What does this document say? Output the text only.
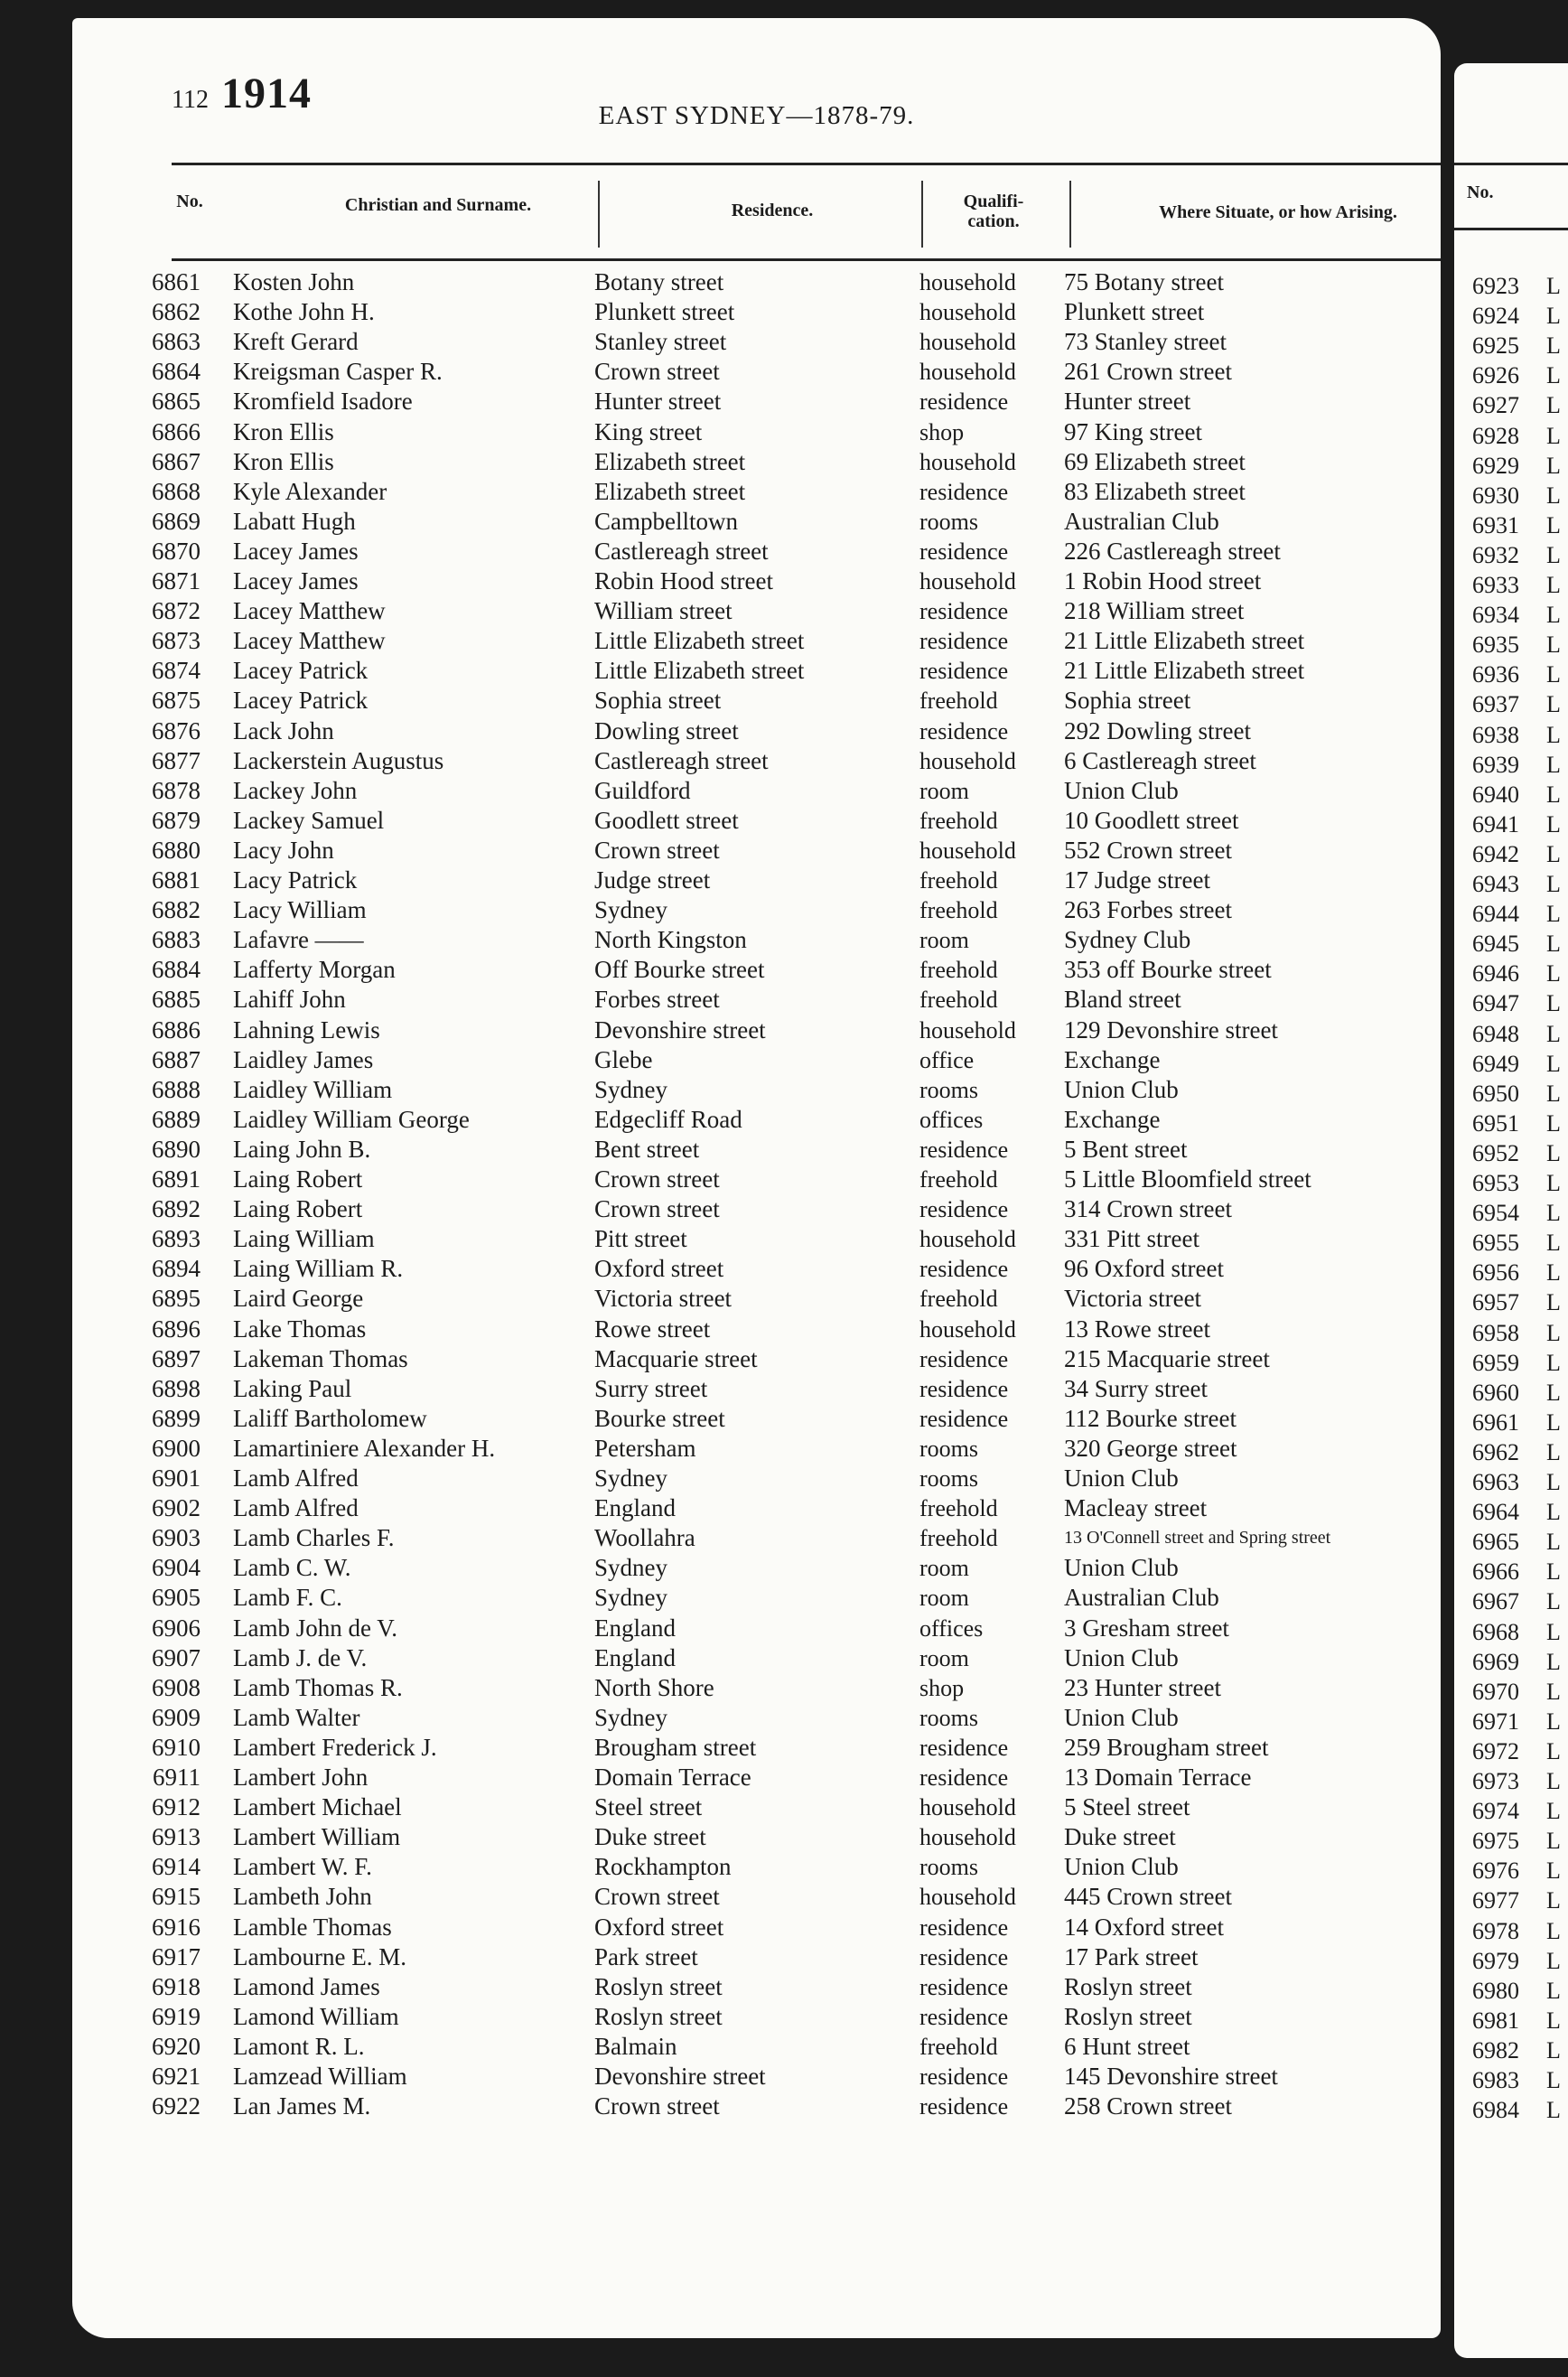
112 1914	EAST SYDNEY—1878-79.
No.	Christian and Surname.	Residence.	Qualifi-
cation.	Where Situate, or how Arising.
6861 Kosten John	Botany street	household 75 Botany street
6862 Kothe John H.	Plunkett street	household Plunkett street
6863 Kreft Gerard	Stanley street	household 73 Stanley street
6864 Kreigsman Casper R.	Crown street	household 261 Crown street
6865 Kromfield Isadore	Hunter street	residence Hunter street
6866 Kron Ellis	King street	shop	97 King street
6867 Kron Ellis	Elizabeth street	household 69 Elizabeth street
6868 Kyle Alexander	Elizabeth street	residence 83 Elizabeth street
6869 Labatt Hugh	Campbelltown	rooms	Australian Club
6870 Lacey James	Castlereagh street	residence 226 Castlereagh street
6871 Lacey James	Robin Hood street	household 1 Robin Hood street
6872 Lacey Matthew	William street	residence 218 William street
6873 Lacey Matthew	Little Elizabeth street	residence 21 Little Elizabeth street
6874 Lacey Patrick	Little Elizabeth street	residence 21 Little Elizabeth street
6875 Lacey Patrick	Sophia street	freehold	Sophia street
6876 Lack John	Dowling street	residence 292 Dowling street
6877 Lackerstein Augustus	Castlereagh street	household 6 Castlereagh street
6878 Lackey John	Guildford	room	Union Club
6879 Lackey Samuel	Goodlett street	freehold	10 Goodlett street
6880 Lacy John	Crown street	household 552 Crown street
6881 Lacy Patrick	Judge street	freehold	17 Judge street
6882 Lacy William	Sydney	freehold	263 Forbes street
6883 Lafavre ——	North Kingston	room	Sydney Club
6884 Lafferty Morgan	Off Bourke street	freehold	353 off Bourke street
6885 Lahiff John	Forbes street	freehold	Bland street
6886 Lahning Lewis	Devonshire street	household 129 Devonshire street
6887 Laidley James	Glebe	office	Exchange
6888 Laidley William	Sydney	rooms	Union Club
6889 Laidley William George	Edgecliff Road	offices	Exchange
6890 Laing John B.	Bent street	residence 5 Bent street
6891 Laing Robert	Crown street	freehold	5 Little Bloomfield street
6892 Laing Robert	Crown street	residence 314 Crown street
6893 Laing William	Pitt street	household 331 Pitt street
6894 Laing William R.	Oxford street	residence 96 Oxford street
6895 Laird George	Victoria street	freehold	Victoria street
6896 Lake Thomas	Rowe street	household 13 Rowe street
6897 Lakeman Thomas	Macquarie street	residence 215 Macquarie street
6898 Laking Paul	Surry street	residence 34 Surry street
6899 Laliff Bartholomew	Bourke street	residence 112 Bourke street
6900 Lamartiniere Alexander H.	Petersham	rooms	320 George street
6901 Lamb Alfred	Sydney	rooms	Union Club
6902 Lamb Alfred	England	freehold	Macleay street
6903 Lamb Charles F.	Woollahra	freehold	13 O'Connell street and Spring street
6904 Lamb C. W.	Sydney	room	Union Club
6905 Lamb F. C.	Sydney	room	Australian Club
6906 Lamb John de V.	England	offices	3 Gresham street
6907 Lamb J. de V.	England	room	Union Club
6908 Lamb Thomas R.	North Shore	shop	23 Hunter street
6909 Lamb Walter	Sydney	rooms	Union Club
6910 Lambert Frederick J.	Brougham street	residence 259 Brougham street
6911 Lambert John	Domain Terrace	residence 13 Domain Terrace
6912 Lambert Michael	Steel street	household 5 Steel street
6913 Lambert William	Duke street	household Duke street
6914 Lambert W. F.	Rockhampton	rooms	Union Club
6915 Lambeth John	Crown street	household 445 Crown street
6916 Lamble Thomas	Oxford street	residence 14 Oxford street
6917 Lambourne E. M.	Park street	residence 17 Park street
6918 Lamond James	Roslyn street	residence Roslyn street
6919 Lamond William	Roslyn street	residence Roslyn street
6920 Lamont R. L.	Balmain	freehold	6 Hunt street
6921 Lamzead William	Devonshire street	residence 145 Devonshire street
6922 Lan James M.	Crown street	residence 258 Crown street
No.
6923 L
6924 L
6925 L
6926 L
6927 L
6928 L
6929 L
6930 L
6931 L
6932 L
6933 L
6934 L
6935 L
6936 L
6937 L
6938 L
6939 L
6940 L
6941 L
6942 L
6943 L
6944 L
6945 L
6946 L
6947 L
6948 L
6949 L
6950 L
6951 L
6952 L
6953 L
6954 L
6955 L
6956 L
6957 L
6958 L
6959 L
6960 L
6961 L
6962 L
6963 L
6964 L
6965 L
6966 L
6967 L
6968 L
6969 L
6970 L
6971 L
6972 L
6973 L
6974 L
6975 L
6976 L
6977 L
6978 L
6979 L
6980 L
6981 L
6982 L
6983 L
6984 L
